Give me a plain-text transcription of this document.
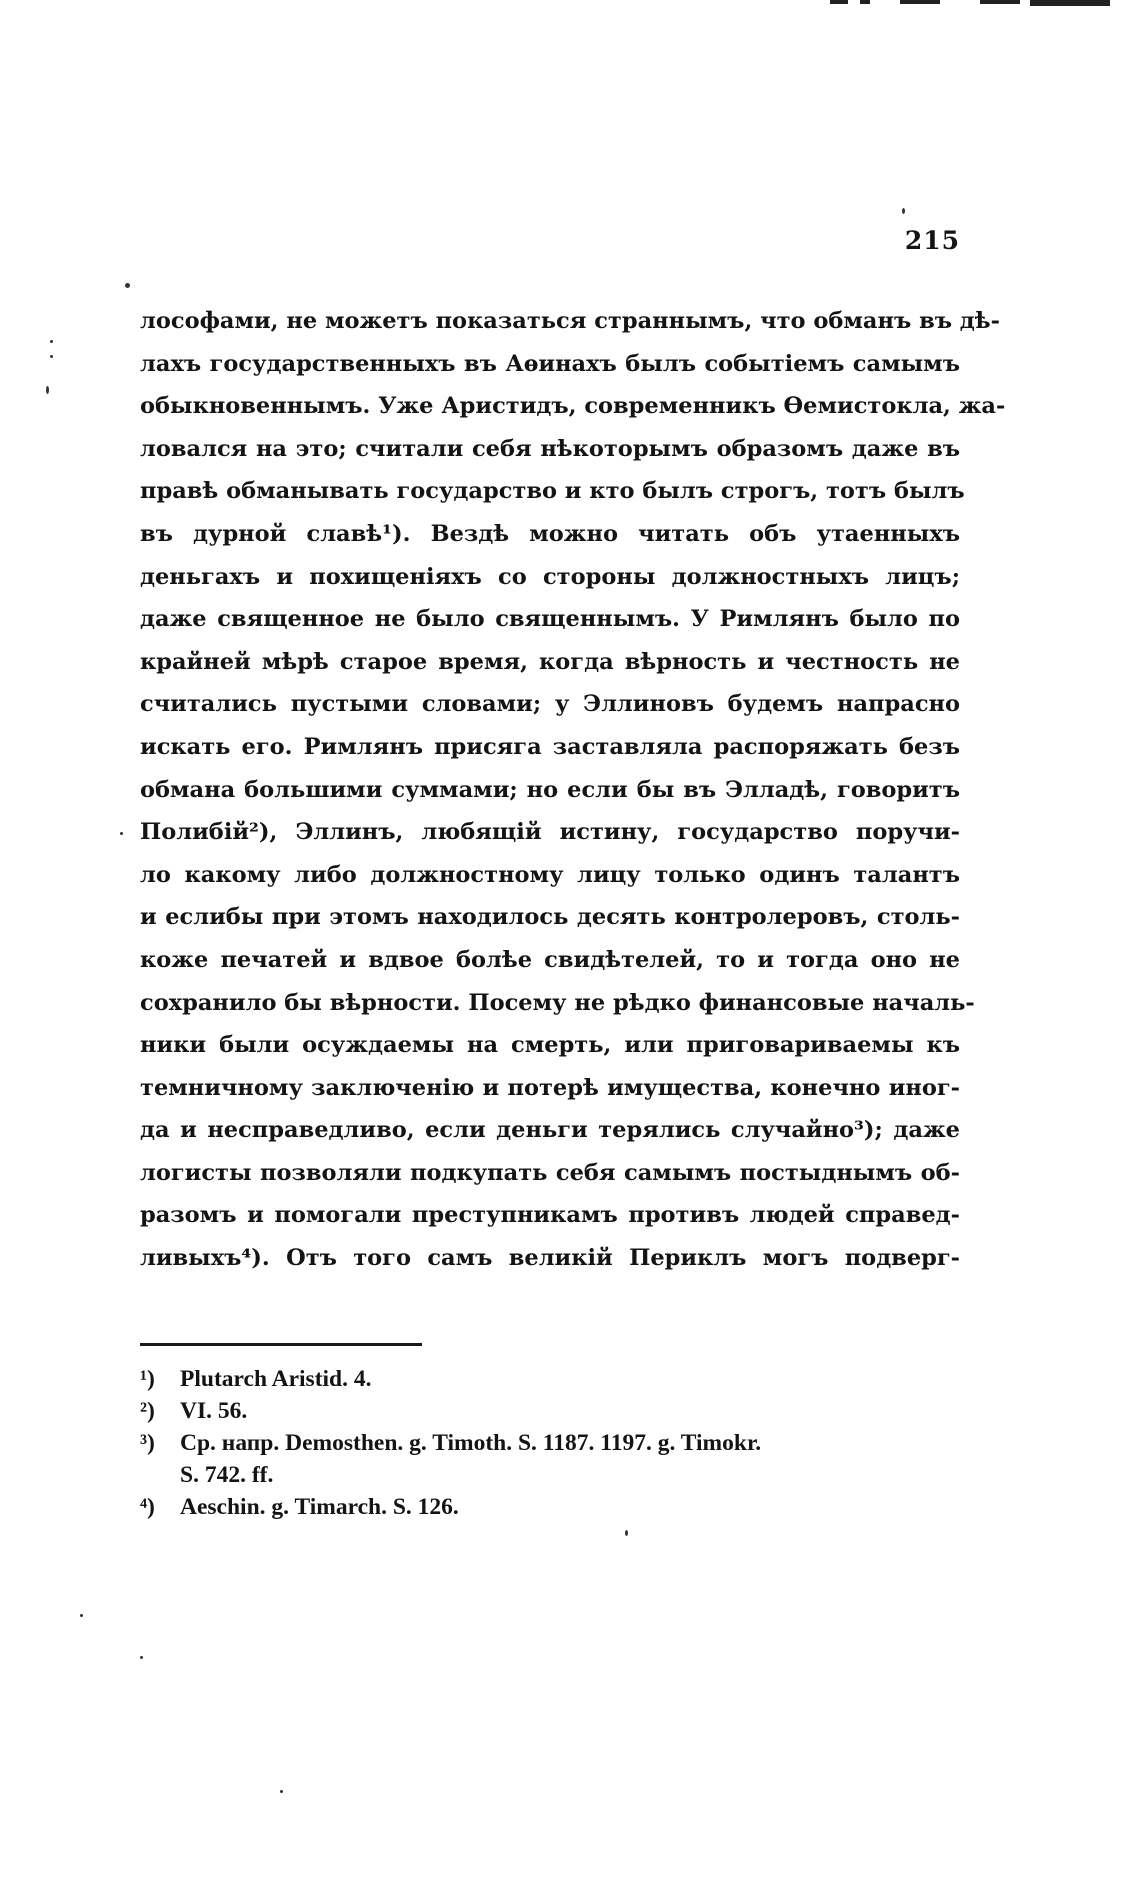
215
лософами, не можетъ показаться страннымъ, что обманъ въ дѣ-
лахъ государственныхъ въ Аѳинахъ былъ событiемъ самымъ
обыкновеннымъ. Уже Аристидъ, современникъ Ѳемистокла, жа-
ловался на это; считали себя нѣкоторымъ образомъ даже въ
правѣ обманывать государство и кто былъ строгъ, тотъ былъ
въ дурной славѣ¹). Вездѣ можно читать объ утаенныхъ
деньгахъ и похищенiяхъ со стороны должностныхъ лицъ;
даже священное не было священнымъ. У Римлянъ было по
крайней мѣрѣ старое время, когда вѣрность и честность не
считались пустыми словами; у Эллиновъ будемъ напрасно
искать его. Римлянъ присяга заставляла распоряжать безъ
обмана большими суммами; но если бы въ Элладѣ, говоритъ
Полибiй²), Эллинъ, любящiй истину, государство поручи-
ло какому либо должностному лицу только одинъ талантъ
и еслибы при этомъ находилось десять контролеровъ, столь-
коже печатей и вдвое болѣе свидѣтелей, то и тогда оно не
сохранило бы вѣрности. Посему не рѣдко финансовые началь-
ники были осуждаемы на смерть, или приговариваемы къ
темничному заключенiю и потерѣ имущества, конечно иног-
да и несправедливо, если деньги терялись случайно³); даже
логисты позволяли подкупать себя самымъ постыднымъ об-
разомъ и помогали преступникамъ противъ людей справед-
ливыхъ⁴). Отъ того самъ великiй Периклъ могъ подверг-
¹) Plutarch Aristid. 4.
²) VI. 56.
³) Ср. напр. Demosthen. g. Timoth. S. 1187. 1197. g. Timokr.
S. 742. ff.
⁴) Aeschin. g. Timarch. S. 126.
